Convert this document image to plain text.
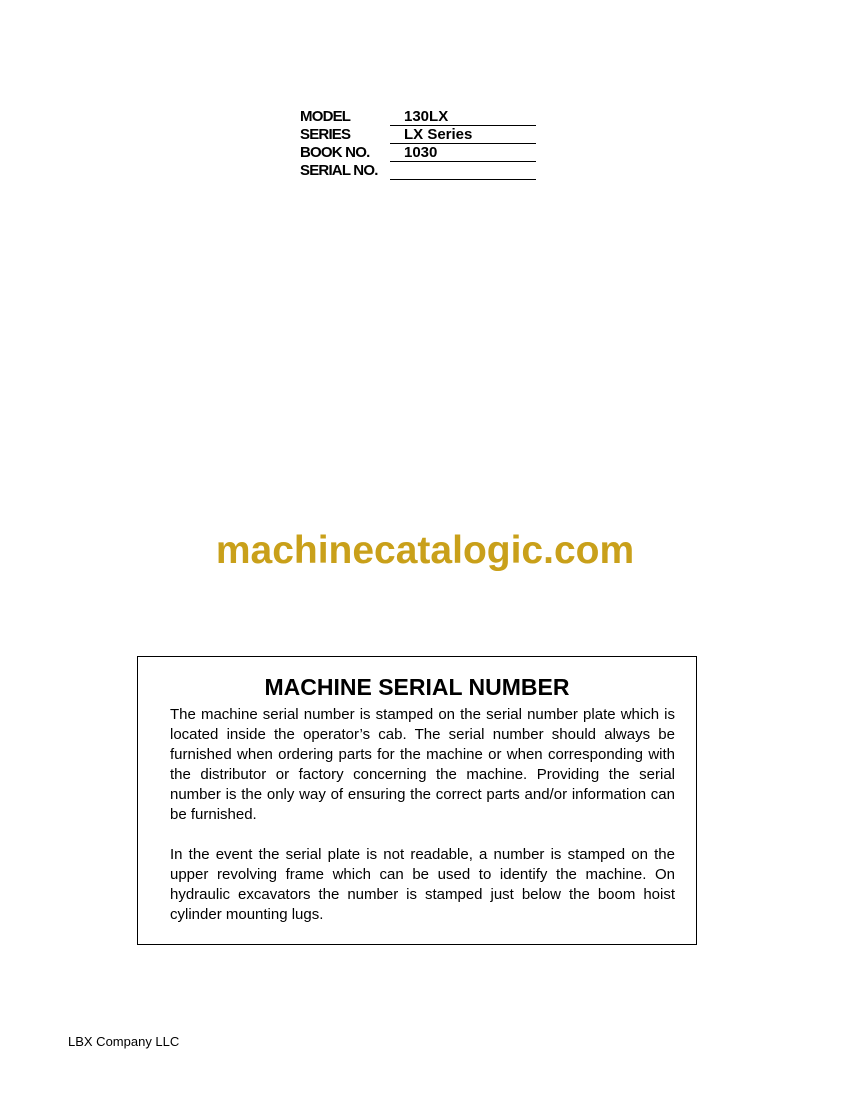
MODEL	130LX
SERIES	LX Series
BOOK NO.	1030
SERIAL NO.
machinecatalogic.com
MACHINE SERIAL NUMBER

The machine serial number is stamped on the serial number plate which is located inside the operator’s cab. The serial number should always be furnished when ordering parts for the machine or when corresponding with the distributor or factory concerning the machine. Providing the serial number is the only way of ensuring the correct parts and/or information can be furnished.

In the event the serial plate is not readable, a number is stamped on the upper revolving frame which can be used to identify the machine. On hydraulic excavators the number is stamped just below the boom hoist cylinder mounting lugs.

LBX Company LLC
